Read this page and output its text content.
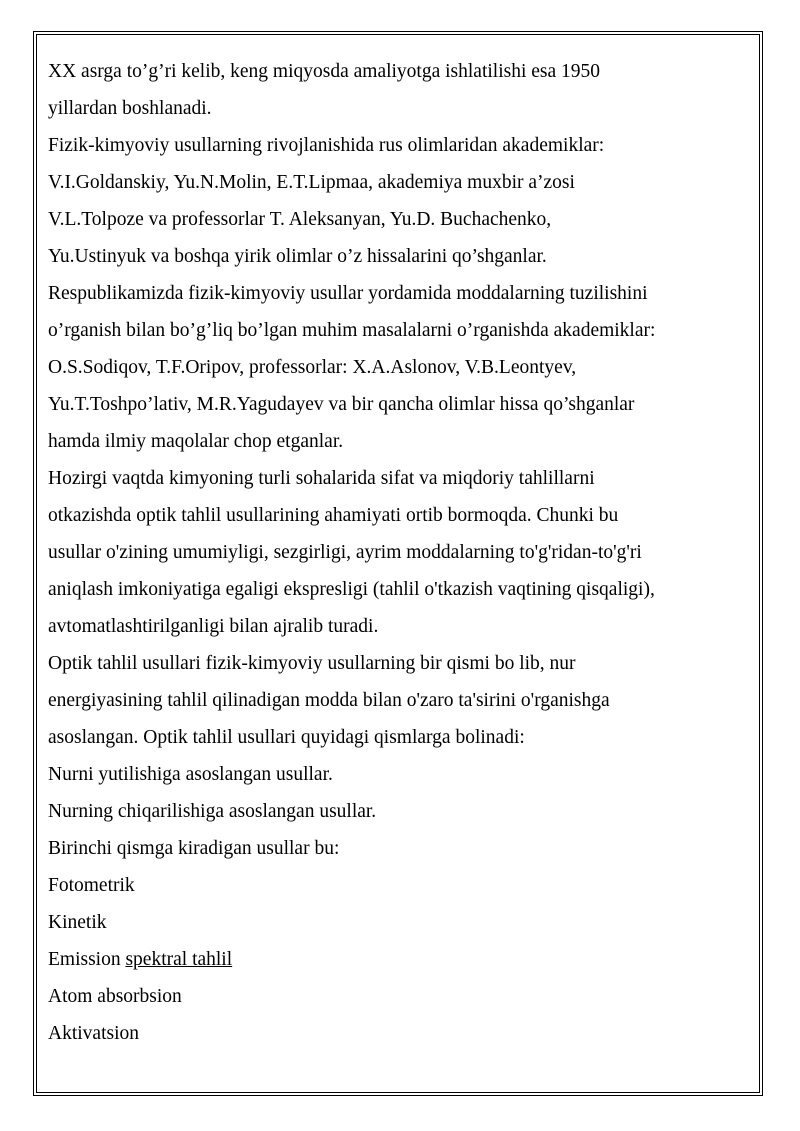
XX asrga to’g’ri kelib, keng miqyosda amaliyotga ishlatilishi esa 1950
yillardan boshlanadi.
Fizik-kimyoviy usullarning rivojlanishida rus olimlaridan akademiklar:
V.I.Goldanskiy, Yu.N.Molin, E.T.Lipmaa, akademiya muxbir a’zosi
V.L.Tolpoze va professorlar T. Aleksanyan, Yu.D. Buchachenko,
Yu.Ustinyuk va boshqa yirik olimlar o’z hissalarini qo’shganlar.
Respublikamizda fizik-kimyoviy usullar yordamida moddalarning tuzilishini
o’rganish bilan bo’g’liq bo’lgan muhim masalalarni o’rganishda akademiklar:
O.S.Sodiqov, T.F.Oripov, professorlar: X.A.Aslonov, V.B.Leontyev,
Yu.T.Toshpo’lativ, M.R.Yagudayev va bir qancha olimlar hissa qo’shganlar
hamda ilmiy maqolalar chop etganlar.
Hozirgi vaqtda kimyoning turli sohalarida sifat va miqdoriy tahlillarni
otkazishda optik tahlil usullarining ahamiyati ortib bormoqda. Chunki bu
usullar o'zining umumiyligi, sezgirligi, ayrim moddalarning to'g'ridan-to'g'ri
aniqlash imkoniyatiga egaligi ekspresligi (tahlil o'tkazish vaqtining qisqaligi),
avtomatlashtirilganligi bilan ajralib turadi.
Optik tahlil usullari fizik-kimyoviy usullarning bir qismi bo lib, nur
energiyasining tahlil qilinadigan modda bilan o'zaro ta'sirini o'rganishga
asoslangan. Optik tahlil usullari quyidagi qismlarga bolinadi:
Nurni yutilishiga asoslangan usullar.
Nurning chiqarilishiga asoslangan usullar.
Birinchi qismga kiradigan usullar bu:
Fotometrik
Kinetik
Emission spektral tahlil
Atom absorbsion
Aktivatsion
